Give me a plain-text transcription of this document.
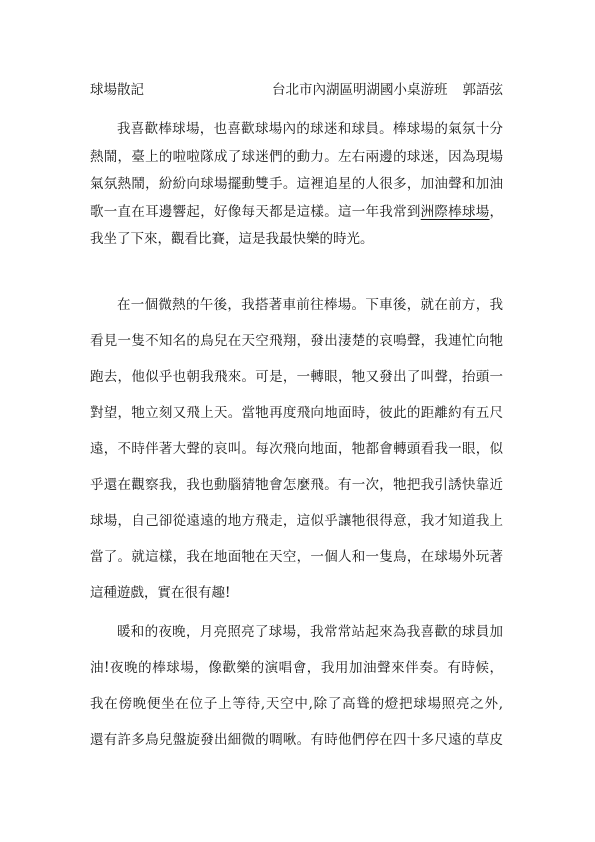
球場散記	台北市內湖區明湖國小桌游班 郭語弦
我喜歡棒球場，也喜歡球場內的球迷和球員。棒球場的氣氛十分
熱鬧，臺上的啦啦隊成了球迷們的動力。左右兩邊的球迷，因為現場
氣氛熱鬧，紛紛向球場擺動雙手。這裡追星的人很多，加油聲和加油
歌一直在耳邊響起，好像每天都是這樣。這一年我常到洲際棒球場，
我坐了下來，觀看比賽，這是我最快樂的時光。
在一個微熱的午後，我搭著車前往棒場。下車後，就在前方，我
看見一隻不知名的鳥兒在天空飛翔，發出淒楚的哀鳴聲，我連忙向牠
跑去，他似乎也朝我飛來。可是，一轉眼，牠又發出了叫聲，抬頭一
對望，牠立刻又飛上天。當牠再度飛向地面時，彼此的距離約有五尺
遠，不時伴著大聲的哀叫。每次飛向地面，牠都會轉頭看我一眼，似
乎還在觀察我，我也動腦猜牠會怎麼飛。有一次，牠把我引誘快靠近
球場，自己卻從遠遠的地方飛走，這似乎讓牠很得意，我才知道我上
當了。就這樣，我在地面牠在天空，一個人和一隻鳥，在球場外玩著
這種遊戲，實在很有趣!
暖和的夜晚，月亮照亮了球場，我常常站起來為我喜歡的球員加
油!夜晚的棒球場，像歡樂的演唱會，我用加油聲來伴奏。有時候，
我在傍晚便坐在位子上等待,天空中,除了高聳的燈把球場照亮之外,
還有許多鳥兒盤旋發出細微的啁啾。有時他們停在四十多尺遠的草皮
